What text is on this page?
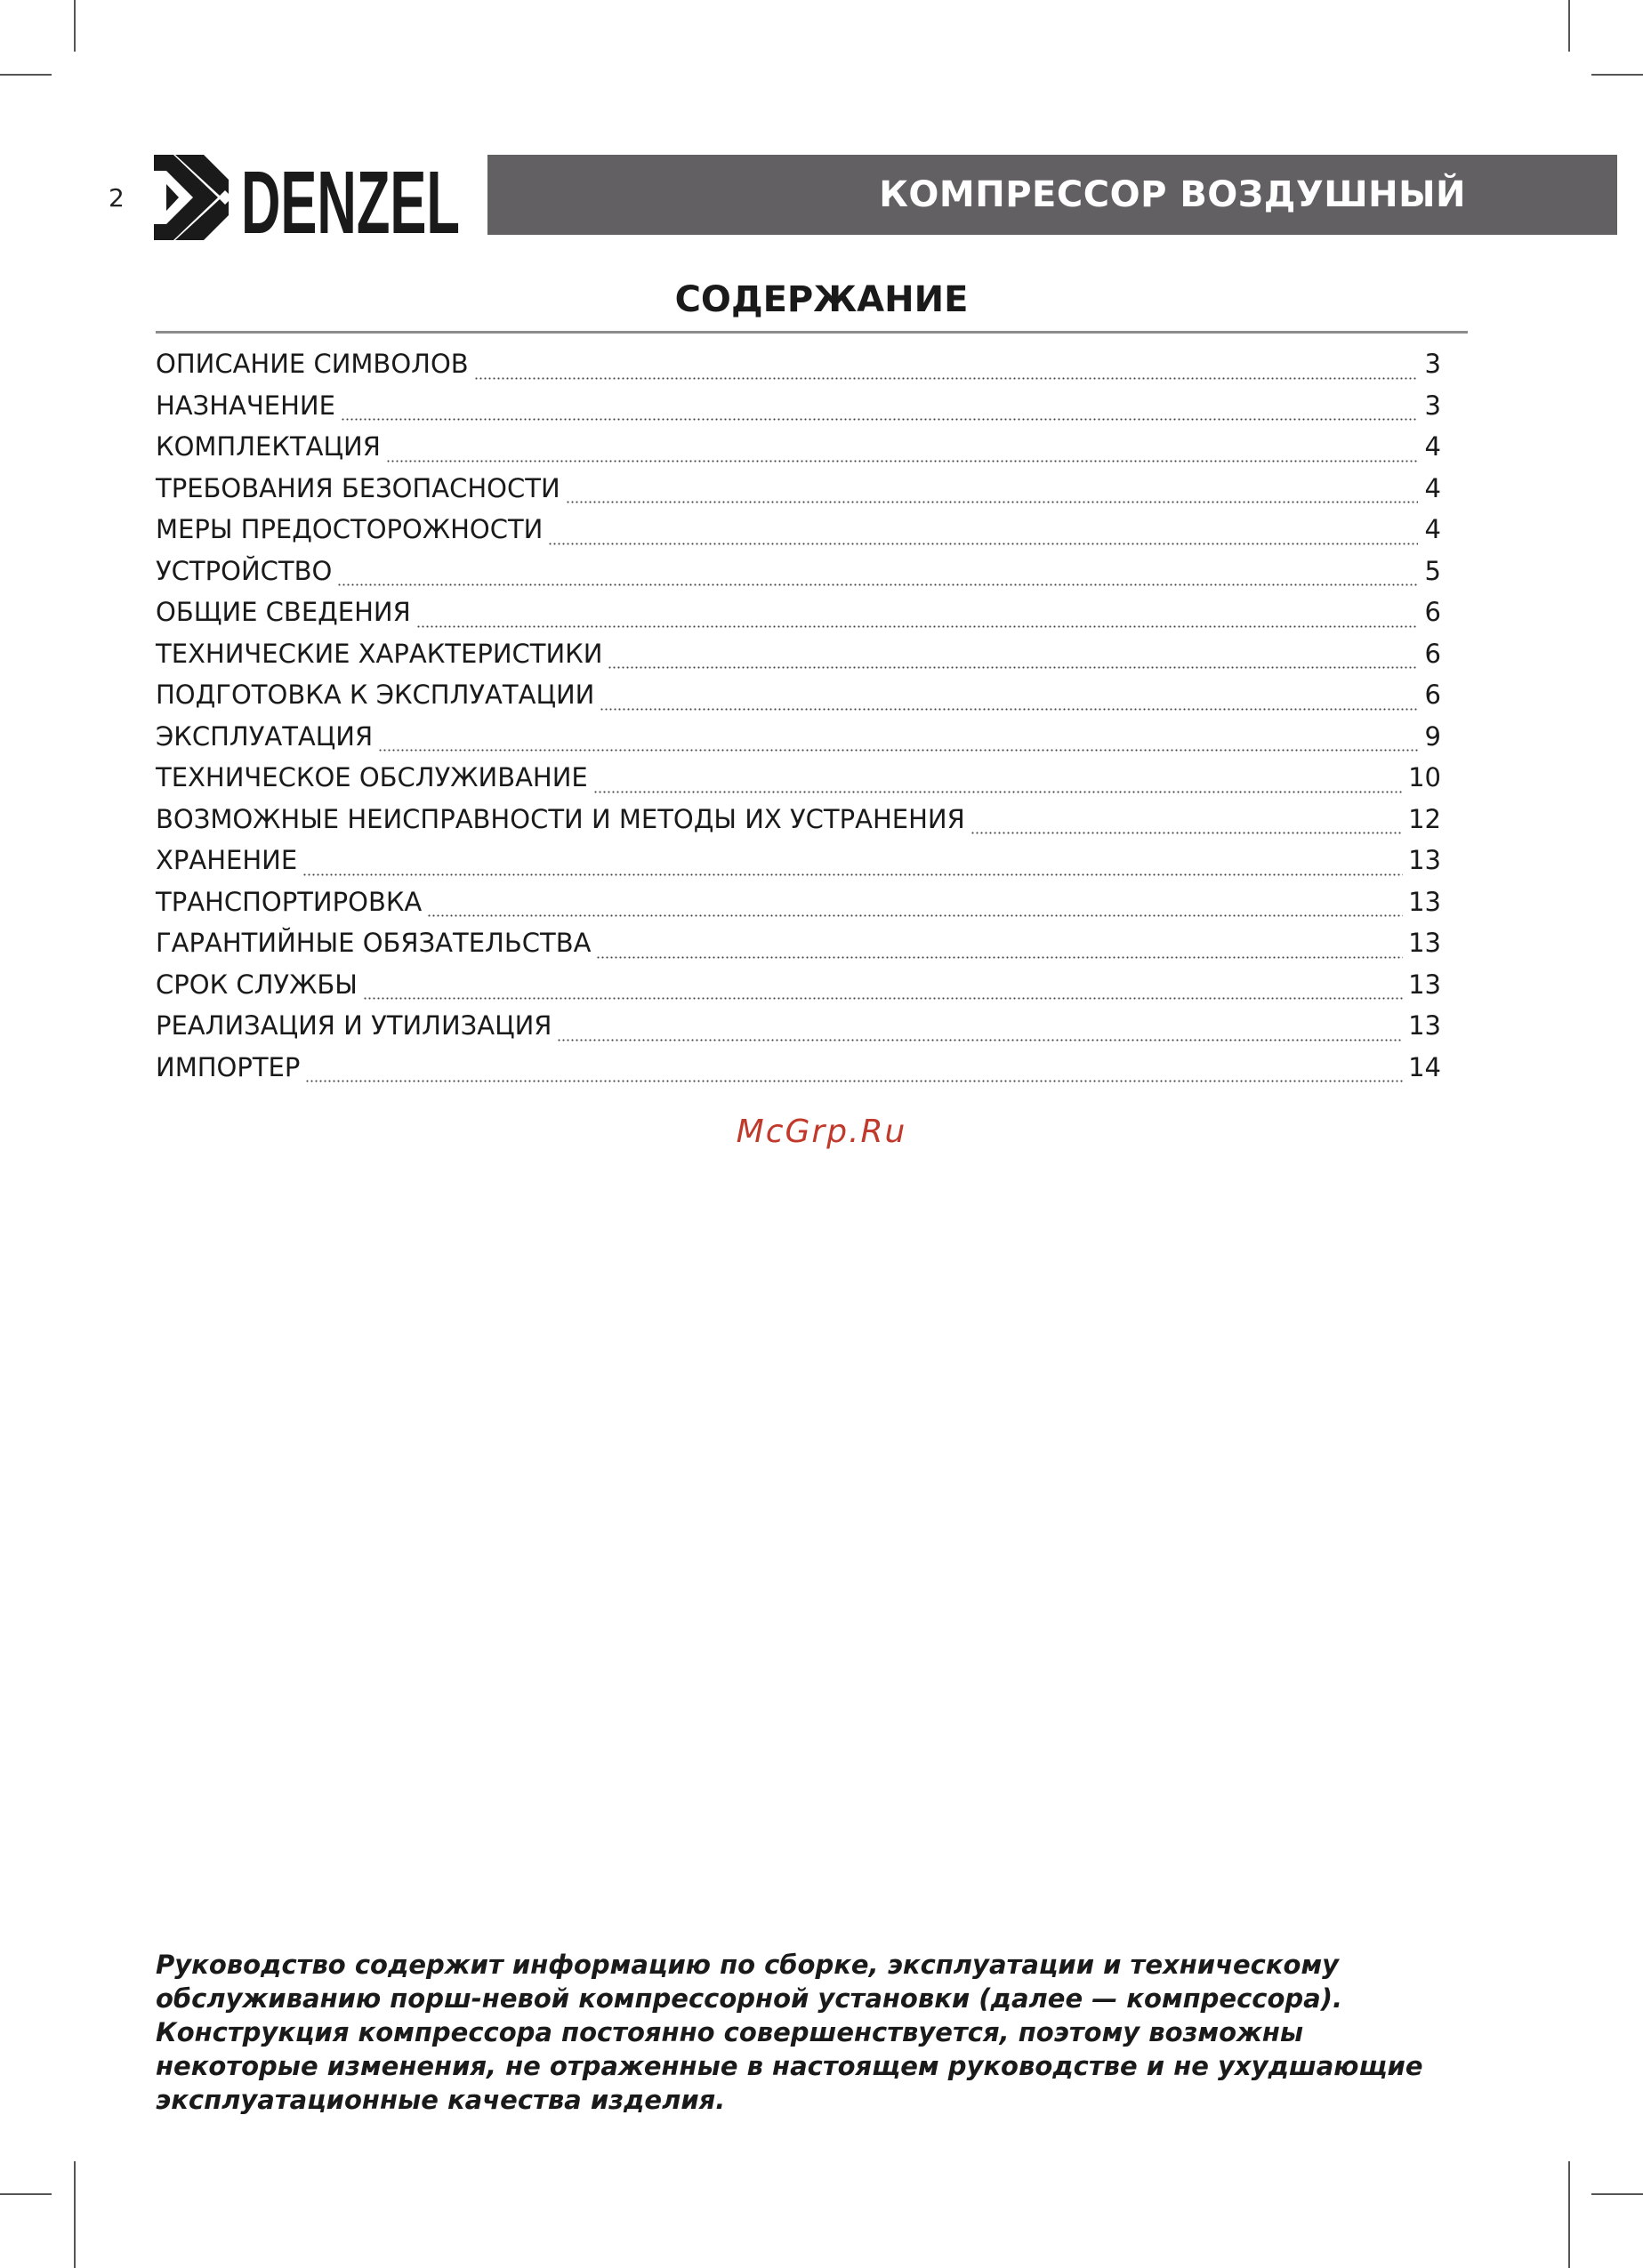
2 DENZEL	КОМПРЕССОР ВОЗДУШНЫЙ
СОДЕРЖАНИЕ
ОПИСАНИЕ СИМВОЛОВ	3
НАЗНАЧЕНИЕ	3
КОМПЛЕКТАЦИЯ	4
ТРЕБОВАНИЯ БЕЗОПАСНОСТИ	4
МЕРЫ ПРЕДОСТОРОЖНОСТИ	4
УСТРОЙСТВО	5
ОБЩИЕ СВЕДЕНИЯ	6
ТЕХНИЧЕСКИЕ ХАРАКТЕРИСТИКИ	6
ПОДГОТОВКА К ЭКСПЛУАТАЦИИ	6
ЭКСПЛУАТАЦИЯ	9
ТЕХНИЧЕСКОЕ ОБСЛУЖИВАНИЕ	10
ВОЗМОЖНЫЕ НЕИСПРАВНОСТИ И МЕТОДЫ ИХ УСТРАНЕНИЯ	12
ХРАНЕНИЕ	13
ТРАНСПОРТИРОВКА	13
ГАРАНТИЙНЫЕ ОБЯЗАТЕЛЬСТВА	13
СРОК СЛУЖБЫ	13
РЕАЛИЗАЦИЯ И УТИЛИЗАЦИЯ	13
ИМПОРТЕР	14
McGrp.Ru

Руководство содержит информацию по сборке, эксплуатации и техническому обслуживанию порш-невой компрессорной установки (далее — компрессора).

Конструкция компрессора постоянно совершенствуется, поэтому возможны некоторые изменения, не отраженные в настоящем руководстве и не ухудшающие эксплуатационные качества изделия.
